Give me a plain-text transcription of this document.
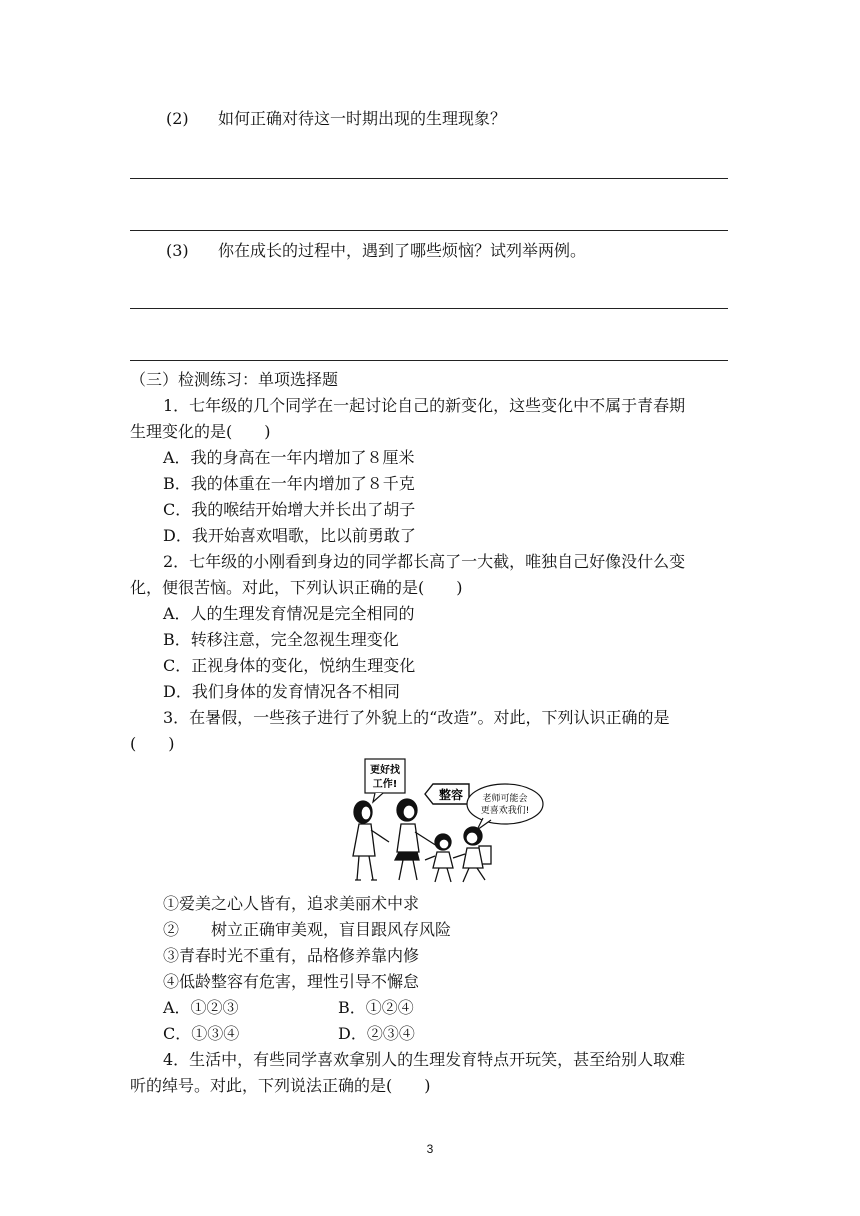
(2) 如何正确对待这一时期出现的生理现象？
(3) 你在成长的过程中，遇到了哪些烦恼？试列举两例。
（三）检测练习：单项选择题
1．七年级的几个同学在一起讨论自己的新变化，这些变化中不属于青春期
生理变化的是(　　)
A．我的身高在一年内增加了８厘米
B．我的体重在一年内增加了８千克
C．我的喉结开始增大并长出了胡子
D．我开始喜欢唱歌，比以前勇敢了
2．七年级的小刚看到身边的同学都长高了一大截，唯独自己好像没什么变
化，便很苦恼。对此，下列认识正确的是(　　)
A．人的生理发育情况是完全相同的
B．转移注意，完全忽视生理变化
C．正视身体的变化，悦纳生理变化
D．我们身体的发育情况各不相同
3．在暑假，一些孩子进行了外貌上的“改造”。对此，下列认识正确的是
(　　)
更好找
工作!
整容 老师可能会
更喜欢我们!
①爱美之心人皆有，追求美丽术中求
②　　树立正确审美观，盲目跟风存风险
③青春时光不重有，品格修养靠内修
④低龄整容有危害，理性引导不懈怠
A．①②③	B．①②④
C．①③④	D．②③④
4．生活中，有些同学喜欢拿别人的生理发育特点开玩笑，甚至给别人取难
听的绰号。对此，下列说法正确的是(　　)
3
